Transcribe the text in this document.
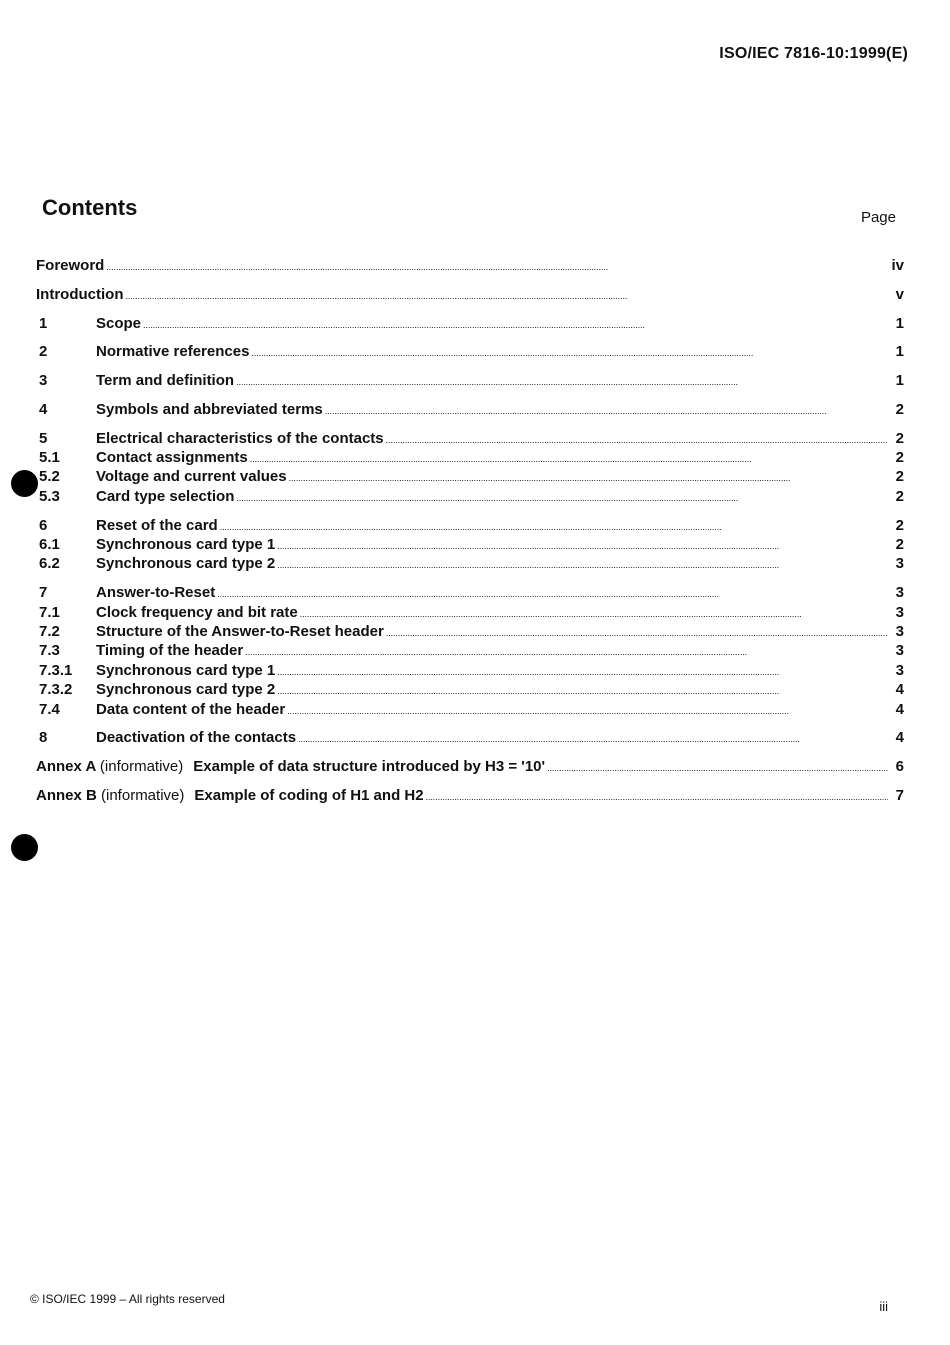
ISO/IEC 7816-10:1999(E)
Contents	Page
Foreword . . .	iv
Introduction . . .	v
1	Scope . . .	1
2	Normative references . . .	1
3	Term and definition . . .	1
4	Symbols and abbreviated terms . . .	2
5	Electrical characteristics of the contacts . . .	2
5.1	Contact assignments . . .	2
5.2	Voltage and current values . . .	2
5.3	Card type selection . . .	2
6	Reset of the card . . .	2
6.1	Synchronous card type 1 . . .	2
6.2	Synchronous card type 2 . . .	3
7	Answer-to-Reset . . .	3
7.1	Clock frequency and bit rate . . .	3
7.2	Structure of the Answer-to-Reset header . . .	3
7.3	Timing of the header . . .	3
7.3.1	Synchronous card type 1 . . .	3
7.3.2	Synchronous card type 2 . . .	4
7.4	Data content of the header . . .	4
8	Deactivation of the contacts . . .	4
Annex A (informative) Example of data structure introduced by H3 = '10' . . .	6
Annex B (informative) Example of coding of H1 and H2 . . .	7
© ISO/IEC 1999 – All rights reserved	iii
